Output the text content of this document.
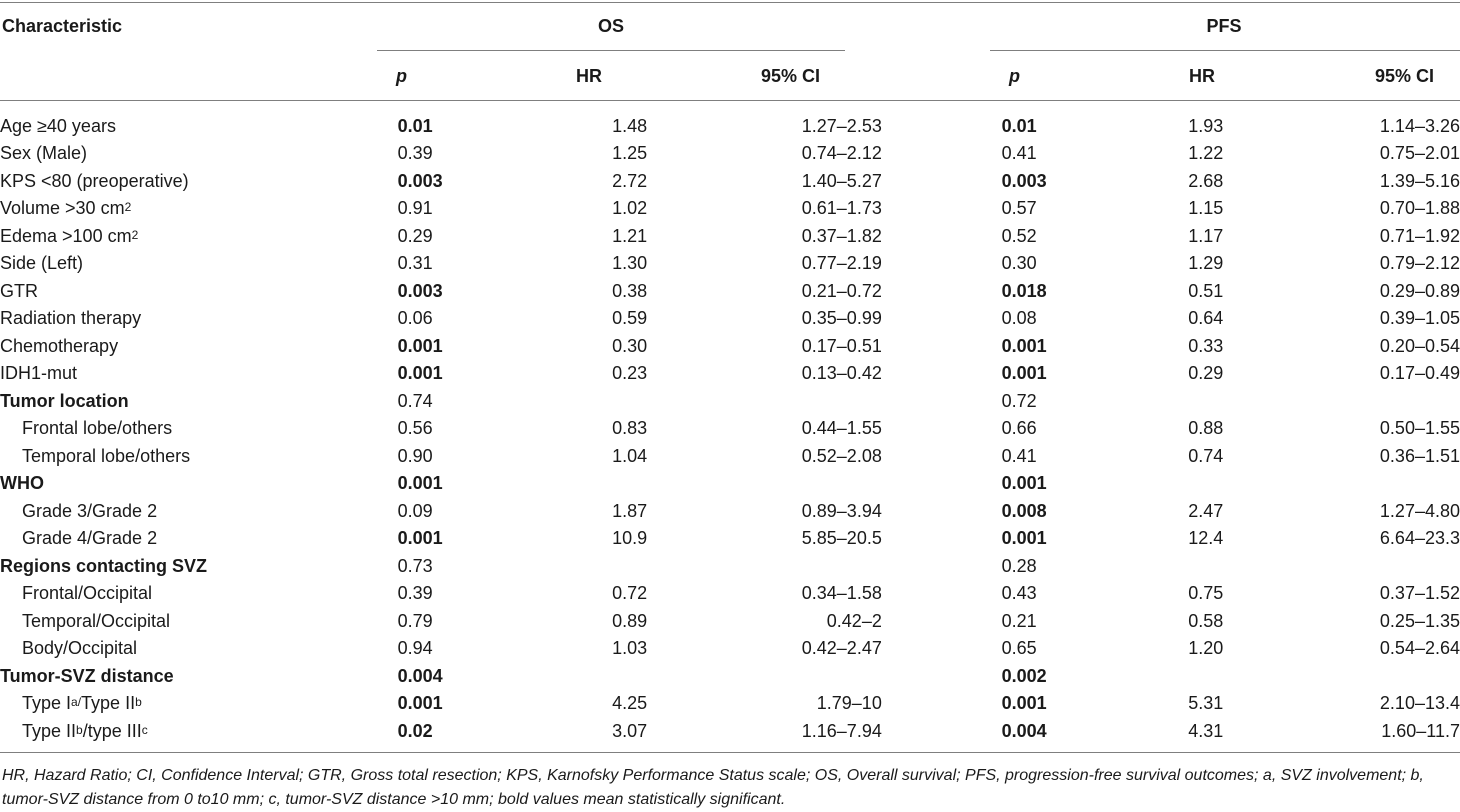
Characteristic	OS	PFS
p	HR	95% CI	p	HR	95% CI
Age ≥40 years	0.01	1.48	1.27–2.53		0.01	1.93	1.14–3.26
Sex (Male)	0.39	1.25	0.74–2.12		0.41	1.22	0.75–2.01
KPS <80 (preoperative)	0.003	2.72	1.40–5.27		0.003	2.68	1.39–5.16
Volume >30 $cm^2$	0.91	1.02	0.61–1.73		0.57	1.15	0.70–1.88
Edema >100 $cm^2$	0.29	1.21	0.37–1.82		0.52	1.17	0.71–1.92
Side (Left)	0.31	1.30	0.77–2.19		0.30	1.29	0.79–2.12
GTR	0.003	0.38	0.21–0.72		0.018	0.51	0.29–0.89
Radiation therapy	0.06	0.59	0.35–0.99		0.08	0.64	0.39–1.05
Chemotherapy	0.001	0.30	0.17–0.51		0.001	0.33	0.20–0.54
IDH1-mut	0.001	0.23	0.13–0.42		0.001	0.29	0.17–0.49
Tumor location	0.74				0.72		
Frontal lobe/others	0.56	0.83	0.44–1.55		0.66	0.88	0.50–1.55
Temporal lobe/others	0.90	1.04	0.52–2.08		0.41	0.74	0.36–1.51
WHO	0.001				0.001		
Grade 3/Grade 2	0.09	1.87	0.89–3.94		0.008	2.47	1.27–4.80
Grade 4/Grade 2	0.001	10.9	5.85–20.5		0.001	12.4	6.64–23.3
Regions contacting SVZ	0.73				0.28		
Frontal/Occipital	0.39	0.72	0.34–1.58		0.43	0.75	0.37–1.52
Temporal/Occipital	0.79	0.89	0.42–2		0.21	0.58	0.25–1.35
Body/Occipital	0.94	1.03	0.42–2.47		0.65	1.20	0.54–2.64
Tumor-SVZ distance	0.004				0.002		
Type $I^{a/}Type$ $II^b$	0.001	4.25	1.79–10		0.001	5.31	2.10–13.4
Type $II^b$/type III$^c$	0.02	3.07	1.16–7.94		0.004	4.31	1.60–11.7
HR, Hazard Ratio; CI, Confidence Interval; GTR, Gross total resection; KPS, Karnofsky Performance Status scale; OS, Overall survival; PFS, progression-free survival outcomes; a, SVZ involvement; b, tumor-SVZ distance from 0 to10 mm; c, tumor-SVZ distance >10 mm; bold values mean statistically significant.
